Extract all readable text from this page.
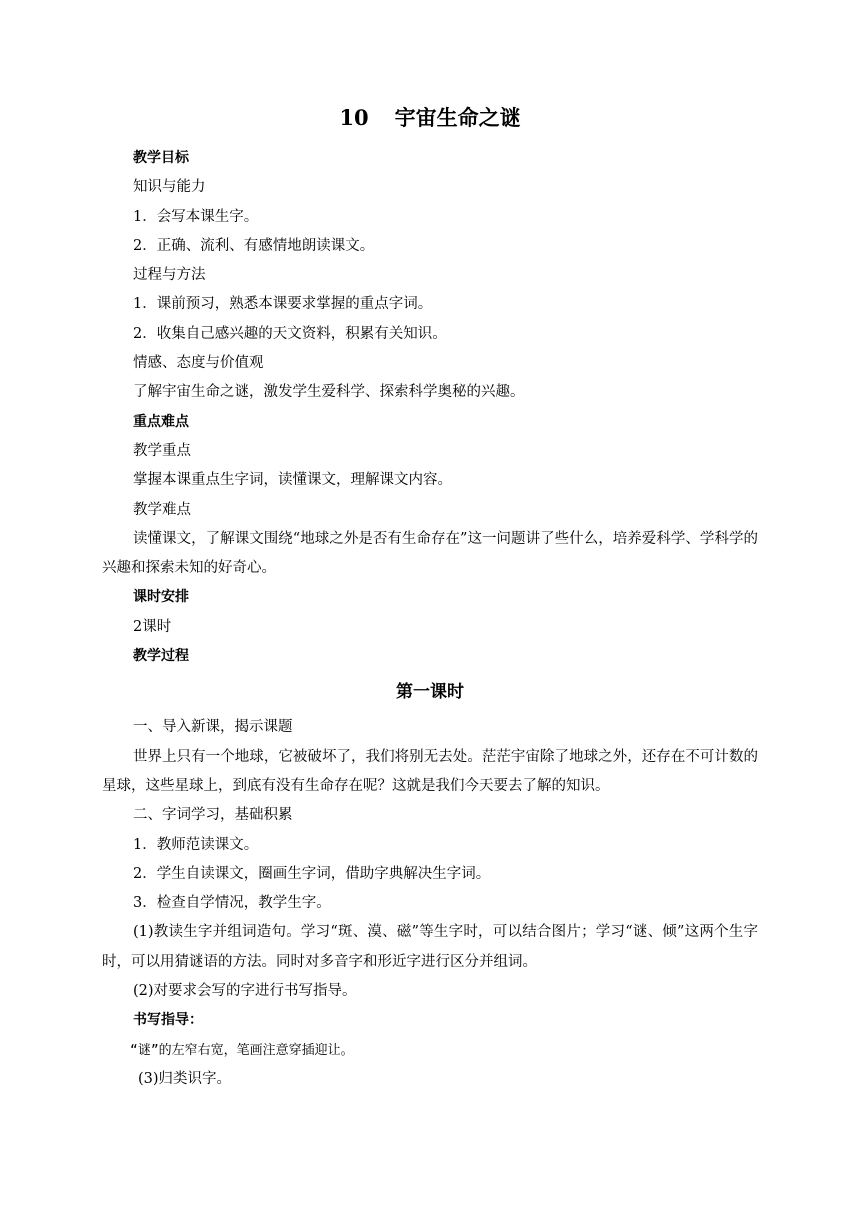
10 宇宙生命之谜
教学目标
知识与能力
1．会写本课生字。
2．正确、流利、有感情地朗读课文。
过程与方法
1．课前预习，熟悉本课要求掌握的重点字词。
2．收集自己感兴趣的天文资料，积累有关知识。
情感、态度与价值观
了解宇宙生命之谜，激发学生爱科学、探索科学奥秘的兴趣。
重点难点
教学重点
掌握本课重点生字词，读懂课文，理解课文内容。
教学难点
读懂课文，了解课文围绕“地球之外是否有生命存在”这一问题讲了些什么，培养爱科学、学科学的兴趣和探索未知的好奇心。
课时安排
2课时
教学过程
第一课时
一、导入新课，揭示课题
世界上只有一个地球，它被破坏了，我们将别无去处。茫茫宇宙除了地球之外，还存在不可计数的星球，这些星球上，到底有没有生命存在呢？这就是我们今天要去了解的知识。
二、字词学习，基础积累
1．教师范读课文。
2．学生自读课文，圈画生字词，借助字典解决生字词。
3．检查自学情况，教学生字。
(1)教读生字并组词造句。学习“斑、漠、磁”等生字时，可以结合图片；学习“谜、倾”这两个生字时，可以用猜谜语的方法。同时对多音字和形近字进行区分并组词。
(2)对要求会写的字进行书写指导。
书写指导：
“谜”的左窄右宽，笔画注意穿插迎让。
(3)归类识字。
